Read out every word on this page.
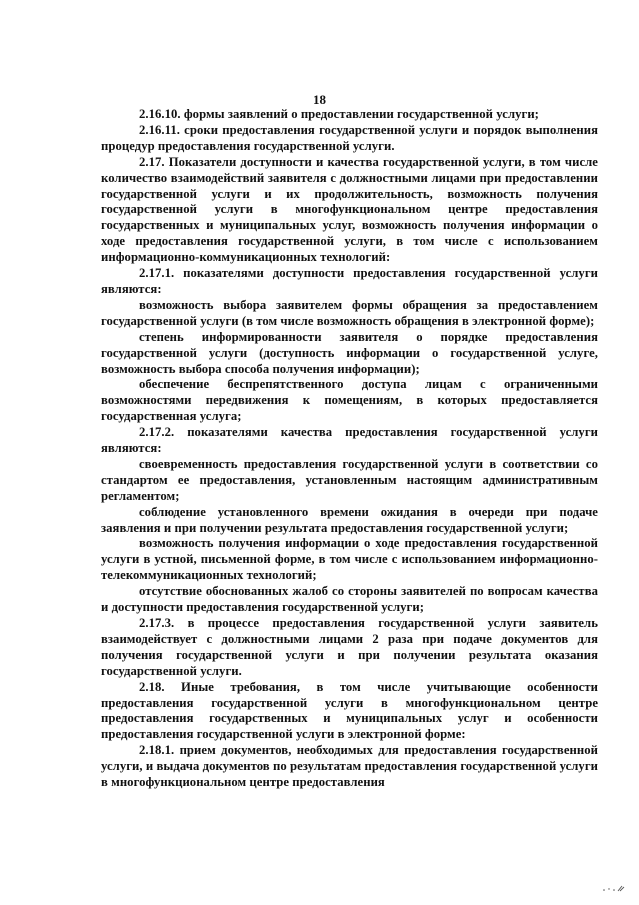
18

2.16.10. формы заявлений о предоставлении государственной услуги;

2.16.11. сроки предоставления государственной услуги и порядок выполнения процедур предоставления государственной услуги.

2.17. Показатели доступности и качества государственной услуги, в том числе количество взаимодействий заявителя с должностными лицами при предоставлении государственной услуги и их продолжительность, возможность получения государственной услуги в многофункциональном центре предоставления государственных и муниципальных услуг, возможность получения информации о ходе предоставления государственной услуги, в том числе с использованием информационно-коммуникационных технологий:

2.17.1. показателями доступности предоставления государственной услуги являются:

возможность выбора заявителем формы обращения за предоставлением государственной услуги (в том числе возможность обращения в электронной форме);

степень информированности заявителя о порядке предоставления государственной услуги (доступность информации о государственной услуге, возможность выбора способа получения информации);

обеспечение беспрепятственного доступа лицам с ограниченными возможностями передвижения к помещениям, в которых предоставляется государственная услуга;

2.17.2. показателями качества предоставления государственной услуги являются:

своевременность предоставления государственной услуги в соответствии со стандартом ее предоставления, установленным настоящим административным регламентом;

соблюдение установленного времени ожидания в очереди при подаче заявления и при получении результата предоставления государственной услуги;

возможность получения информации о ходе предоставления государственной услуги в устной, письменной форме, в том числе с использованием информационно-телекоммуникационных технологий;

отсутствие обоснованных жалоб со стороны заявителей по вопросам качества и доступности предоставления государственной услуги;

2.17.3. в процессе предоставления государственной услуги заявитель взаимодействует с должностными лицами 2 раза при подаче документов для получения государственной услуги и при получении результата оказания государственной услуги.

2.18. Иные требования, в том числе учитывающие особенности предоставления государственной услуги в многофункциональном центре предоставления государственных и муниципальных услуг и особенности предоставления государственной услуги в электронной форме:

2.18.1. прием документов, необходимых для предоставления государственной услуги, и выдача документов по результатам предоставления государственной услуги в многофункциональном центре предоставления
